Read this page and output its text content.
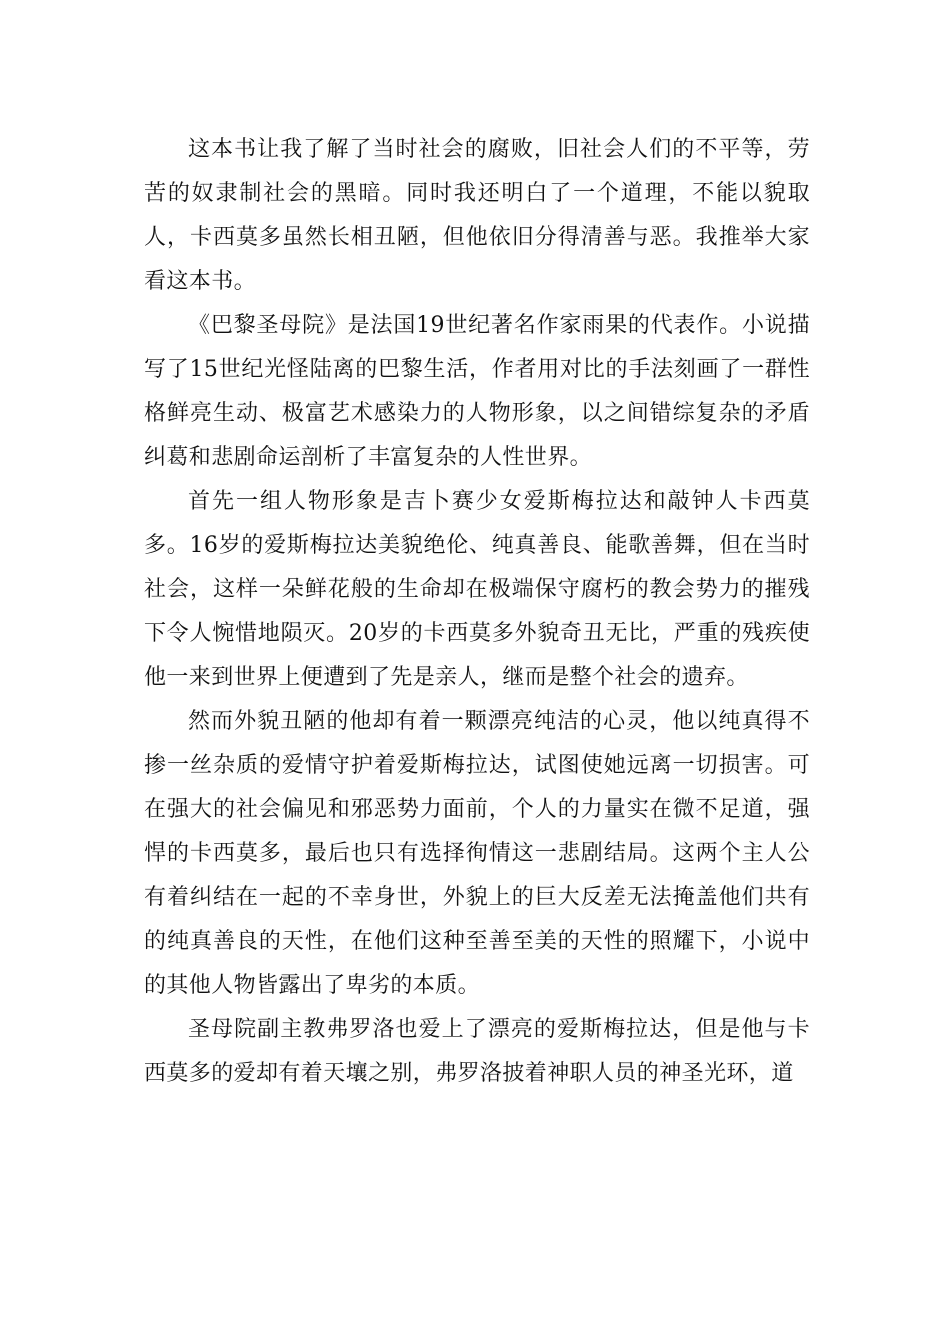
这本书让我了解了当时社会的腐败，旧社会人们的不平等，劳苦的奴隶制社会的黑暗。同时我还明白了一个道理，不能以貌取人，卡西莫多虽然长相丑陋，但他依旧分得清善与恶。我推举大家看这本书。

《巴黎圣母院》是法国19世纪著名作家雨果的代表作。小说描写了15世纪光怪陆离的巴黎生活，作者用对比的手法刻画了一群性格鲜亮生动、极富艺术感染力的人物形象，以之间错综复杂的矛盾纠葛和悲剧命运剖析了丰富复杂的人性世界。

首先一组人物形象是吉卜赛少女爱斯梅拉达和敲钟人卡西莫多。16岁的爱斯梅拉达美貌绝伦、纯真善良、能歌善舞，但在当时社会，这样一朵鲜花般的生命却在极端保守腐朽的教会势力的摧残下令人惋惜地陨灭。20岁的卡西莫多外貌奇丑无比，严重的残疾使他一来到世界上便遭到了先是亲人，继而是整个社会的遗弃。

然而外貌丑陋的他却有着一颗漂亮纯洁的心灵，他以纯真得不掺一丝杂质的爱情守护着爱斯梅拉达，试图使她远离一切损害。可在强大的社会偏见和邪恶势力面前，个人的力量实在微不足道，强悍的卡西莫多，最后也只有选择徇情这一悲剧结局。这两个主人公有着纠结在一起的不幸身世，外貌上的巨大反差无法掩盖他们共有的纯真善良的天性，在他们这种至善至美的天性的照耀下，小说中的其他人物皆露出了卑劣的本质。

圣母院副主教弗罗洛也爱上了漂亮的爱斯梅拉达，但是他与卡西莫多的爱却有着天壤之别，弗罗洛披着神职人员的神圣光环，道
